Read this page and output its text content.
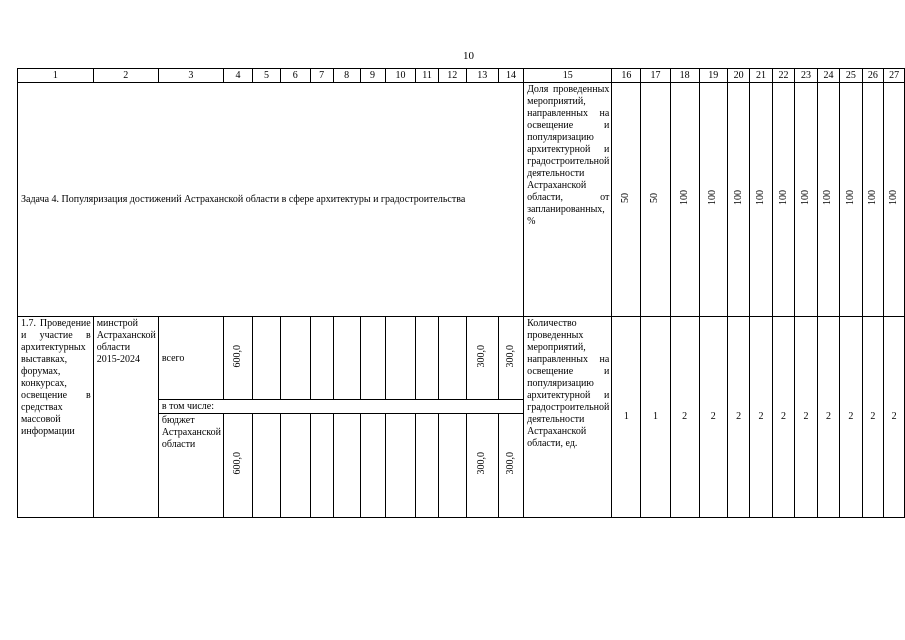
10
1	2	3	4	5	6	7	8	9	10	11	12	13	14	15	16	17	18	19	20	21	22	23	24	25	26	27
Задача 4. Популяризация достижений Астраханской области в сфере архитектуры и градостроительства														Доля проведенных мероприятий, направленных на освещение и популяризацию архитектурной и градостроительной деятельности Астраханской области, от запланированных, %	50	50	100	100	100	100	100	100	100	100	100	100
1.7. Проведение и участие в архитектурных выставках, форумах, конкурсах, освещение в средствах массовой информации	минстрой Астраханской области 2015-2024	всего	600,0									300,0	300,0	Количество проведенных мероприятий, направленных на освещение и популяризацию архитектурной и градостроительной деятельности Астраханской области, ед.	1	1	2	2	2	2	2	2	2	2	2	2
		в том числе:																								
		бюджет Астраханской области	600,0									300,0	300,0													
